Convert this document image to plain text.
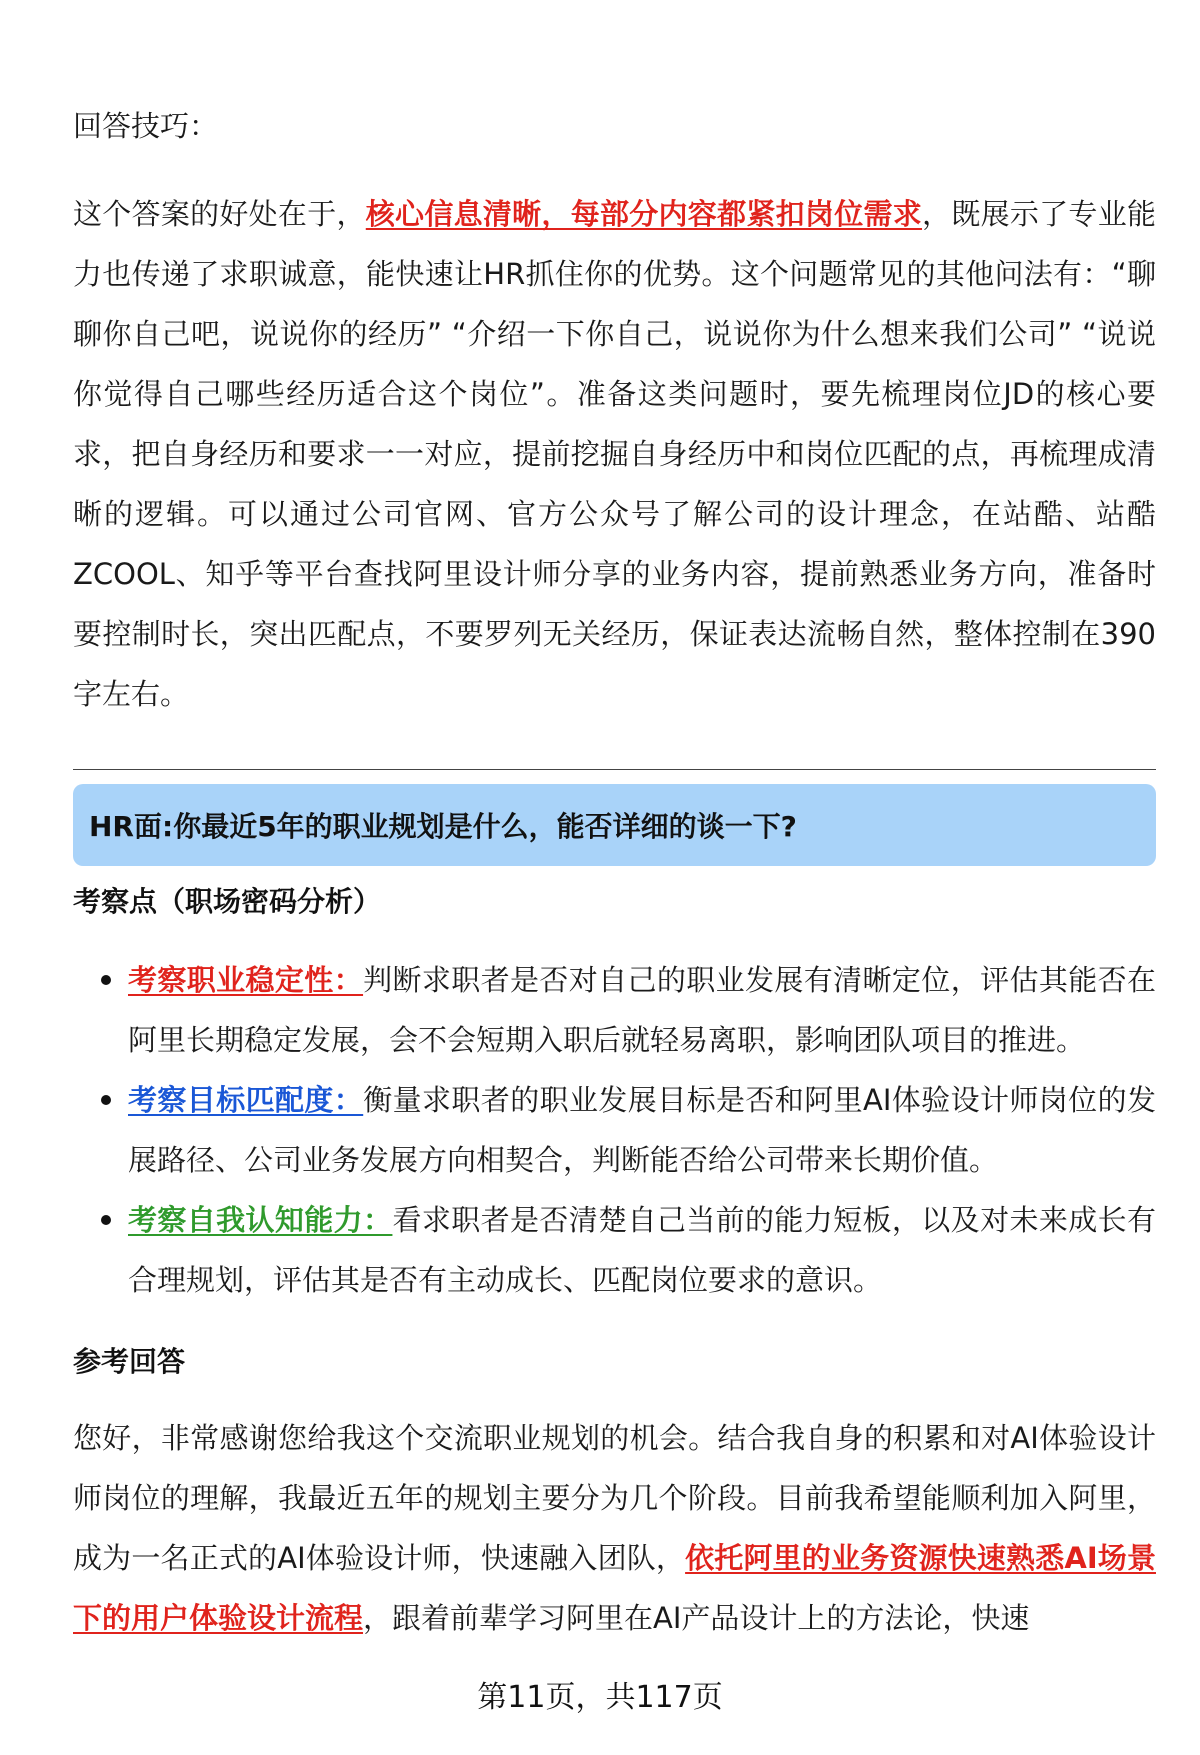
回答技巧：

这个答案的好处在于，核心信息清晰，每部分内容都紧扣岗位需求，既展示了专业能力也传递了求职诚意，能快速让HR抓住你的优势。这个问题常见的其他问法有：“聊聊你自己吧，说说你的经历” “介绍一下你自己，说说你为什么想来我们公司” “说说你觉得自己哪些经历适合这个岗位”。准备这类问题时，要先梳理岗位JD的核心要求，把自身经历和要求一一对应，提前挖掘自身经历中和岗位匹配的点，再梳理成清晰的逻辑。可以通过公司官网、官方公众号了解公司的设计理念，在站酷、站酷ZCOOL、知乎等平台查找阿里设计师分享的业务内容，提前熟悉业务方向，准备时要控制时长，突出匹配点，不要罗列无关经历，保证表达流畅自然，整体控制在390字左右。

HR面:你最近5年的职业规划是什么，能否详细的谈一下?
考察点（职场密码分析）
考察职业稳定性：判断求职者是否对自己的职业发展有清晰定位，评估其能否在阿里长期稳定发展，会不会短期入职后就轻易离职，影响团队项目的推进。
考察目标匹配度：衡量求职者的职业发展目标是否和阿里AI体验设计师岗位的发展路径、公司业务发展方向相契合，判断能否给公司带来长期价值。
考察自我认知能力：看求职者是否清楚自己当前的能力短板，以及对未来成长有合理规划，评估其是否有主动成长、匹配岗位要求的意识。
参考回答

您好，非常感谢您给我这个交流职业规划的机会。结合我自身的积累和对AI体验设计师岗位的理解，我最近五年的规划主要分为几个阶段。目前我希望能顺利加入阿里，成为一名正式的AI体验设计师，快速融入团队，依托阿里的业务资源快速熟悉AI场景下的用户体验设计流程，跟着前辈学习阿里在AI产品设计上的方法论，快速

第11页，共117页
